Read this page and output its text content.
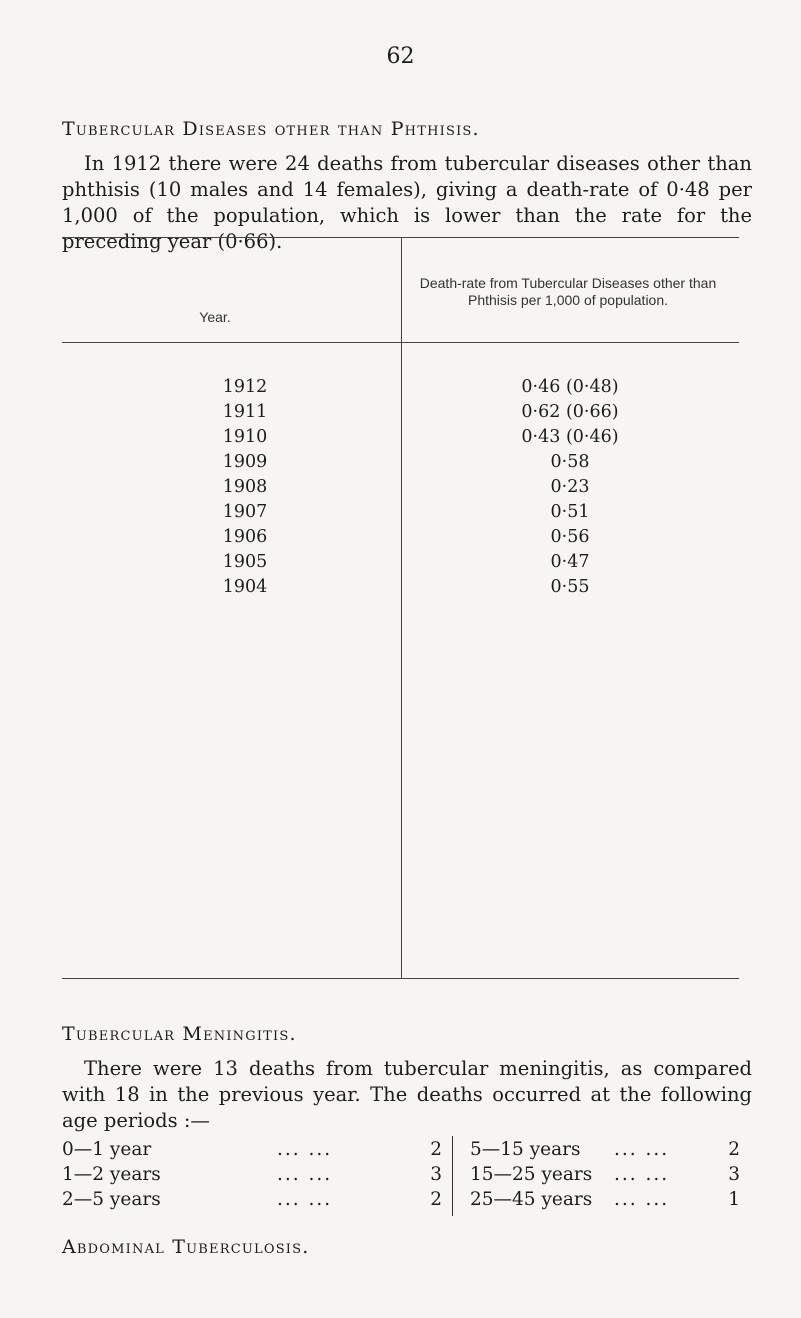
62
Tubercular Diseases other than Phthisis.
In 1912 there were 24 deaths from tubercular diseases other than phthisis (10 males and 14 females), giving a death-rate of 0·48 per 1,000 of the population, which is lower than the rate for the preceding year (0·66).
Year.
Death-rate from Tubercular Diseases other than Phthisis per 1,000 of population.
1912	0·46 (0·48)
1911	0·62 (0·66)
1910	0·43 (0·46)
1909	0·58
1908	0·23
1907	0·51
1906	0·56
1905	0·47
1904	0·55
Tubercular Meningitis.
There were 13 deaths from tubercular meningitis, as compared with 18 in the previous year. The deaths occurred at the following age periods :—
0—1 year	... ...	2
1—2 years	... ...	3
2—5 years	... ...	2
5—15 years ... ...	2
15—25 years ... ...	3
25—45 years ... ...	1
Abdominal Tuberculosis.
